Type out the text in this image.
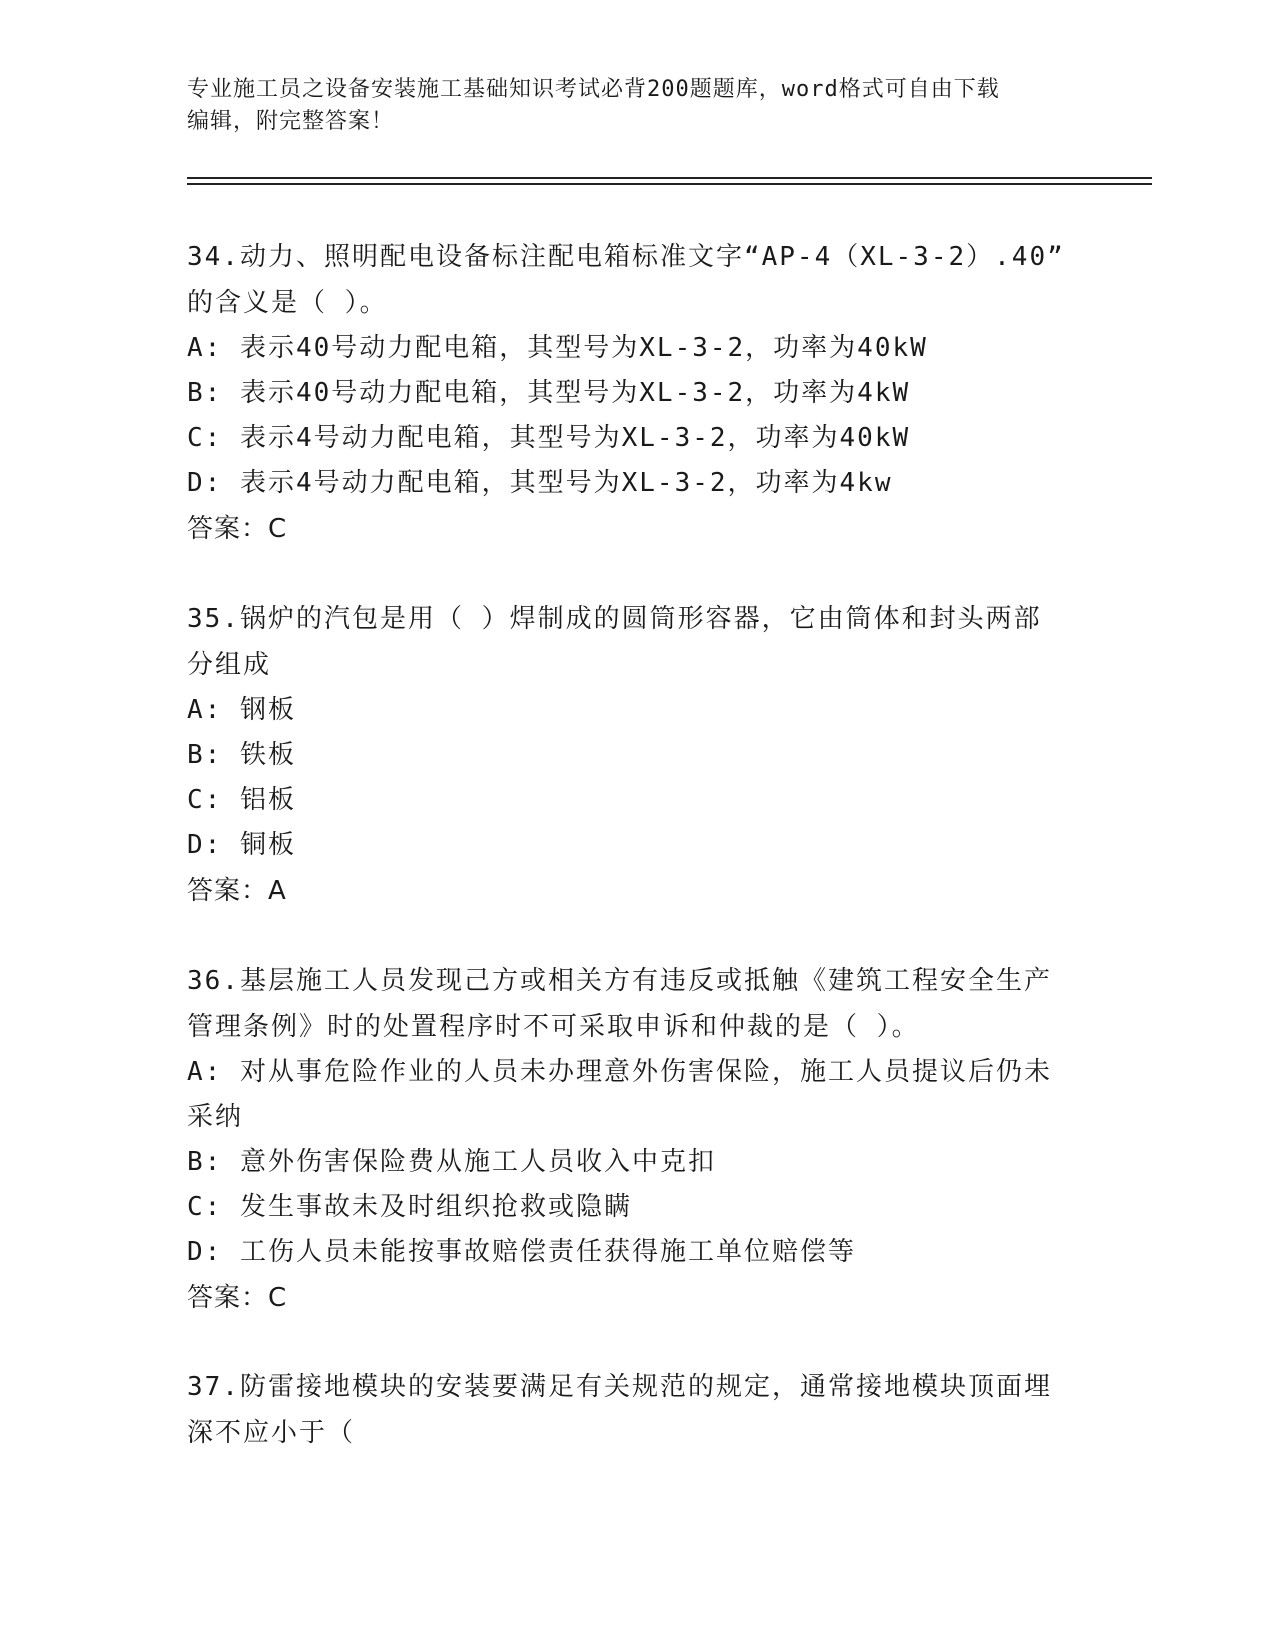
专业施工员之设备安装施工基础知识考试必背200题题库，word格式可自由下载
编辑，附完整答案！
34.动力、照明配电设备标注配电箱标准文字“AP-4（XL-3-2）.40”
的含义是（ ）。
A: 表示40号动力配电箱，其型号为XL-3-2，功率为40kW
B: 表示40号动力配电箱，其型号为XL-3-2，功率为4kW
C: 表示4号动力配电箱，其型号为XL-3-2，功率为40kW
D: 表示4号动力配电箱，其型号为XL-3-2，功率为4kw
答案：C
35.锅炉的汽包是用（ ）焊制成的圆筒形容器，它由筒体和封头两部
分组成
A: 钢板
B: 铁板
C: 铝板
D: 铜板
答案：A
36.基层施工人员发现己方或相关方有违反或抵触《建筑工程安全生产
管理条例》时的处置程序时不可采取申诉和仲裁的是（ ）。
A: 对从事危险作业的人员未办理意外伤害保险，施工人员提议后仍未
采纳
B: 意外伤害保险费从施工人员收入中克扣
C: 发生事故未及时组织抢救或隐瞒
D: 工伤人员未能按事故赔偿责任获得施工单位赔偿等
答案：C
37.防雷接地模块的安装要满足有关规范的规定，通常接地模块顶面埋
深不应小于（
